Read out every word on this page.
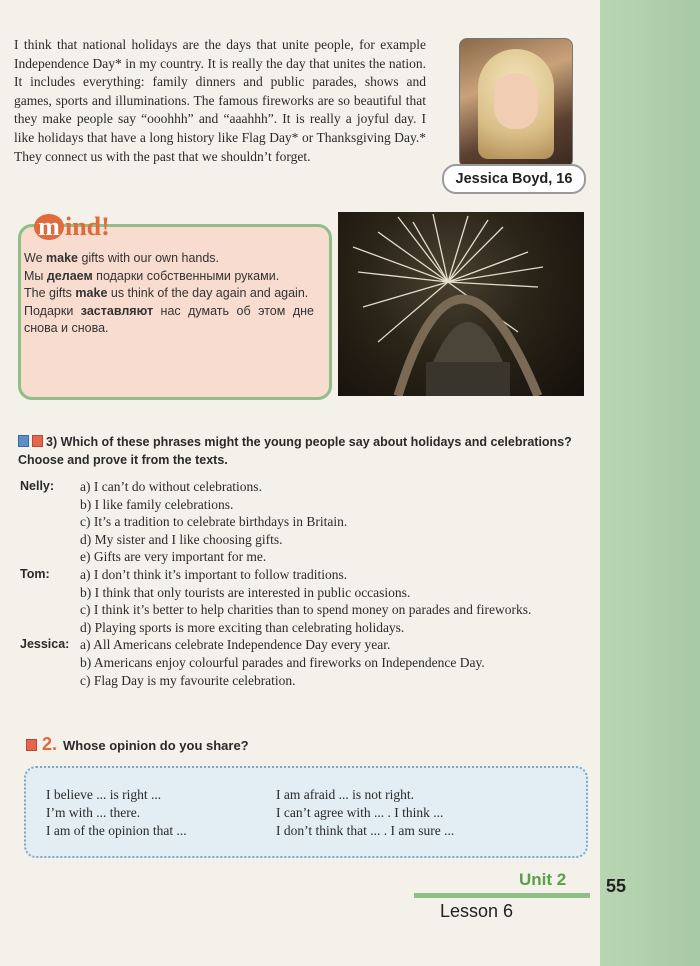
I think that national holidays are the days that unite people, for example Independence Day* in my country. It is really the day that unites the nation. It includes everything: family dinners and public parades, shows and games, sports and illuminations. The famous fireworks are so beautiful that they make people say “ooohhh” and “aaahhh”. It is really a joyful day. I like holidays that have a long history like Flag Day* or Thanksgiving Day.* They connect us with the past that we shouldn’t forget.
Jessica Boyd, 16
m ind!
We make gifts with our own hands.
Мы делаем подарки собственными руками.
The gifts make us think of the day again and again.
Подарки заставляют нас думать об этом дне снова и снова.
3) Which of these phrases might the young people say about holidays and celebrations? Choose and prove it from the texts.
Nelly: a) I can’t do without celebrations.
b) I like family celebrations.
c) It’s a tradition to celebrate birthdays in Britain.
d) My sister and I like choosing gifts.
e) Gifts are very important for me.
Tom: a) I don’t think it’s important to follow traditions.
b) I think that only tourists are interested in public occasions.
c) I think it’s better to help charities than to spend money on parades and fireworks.
d) Playing sports is more exciting than celebrating holidays.
Jessica: a) All Americans celebrate Independence Day every year.
b) Americans enjoy colourful parades and fireworks on Independence Day.
c) Flag Day is my favourite celebration.
2. Whose opinion do you share?
I believe ... is right ...
I’m with ... there.
I am of the opinion that ...
I am afraid ... is not right.
I can’t agree with ... . I think ...
I don’t think that ... . I am sure ...
Unit 2
Lesson 6
55
